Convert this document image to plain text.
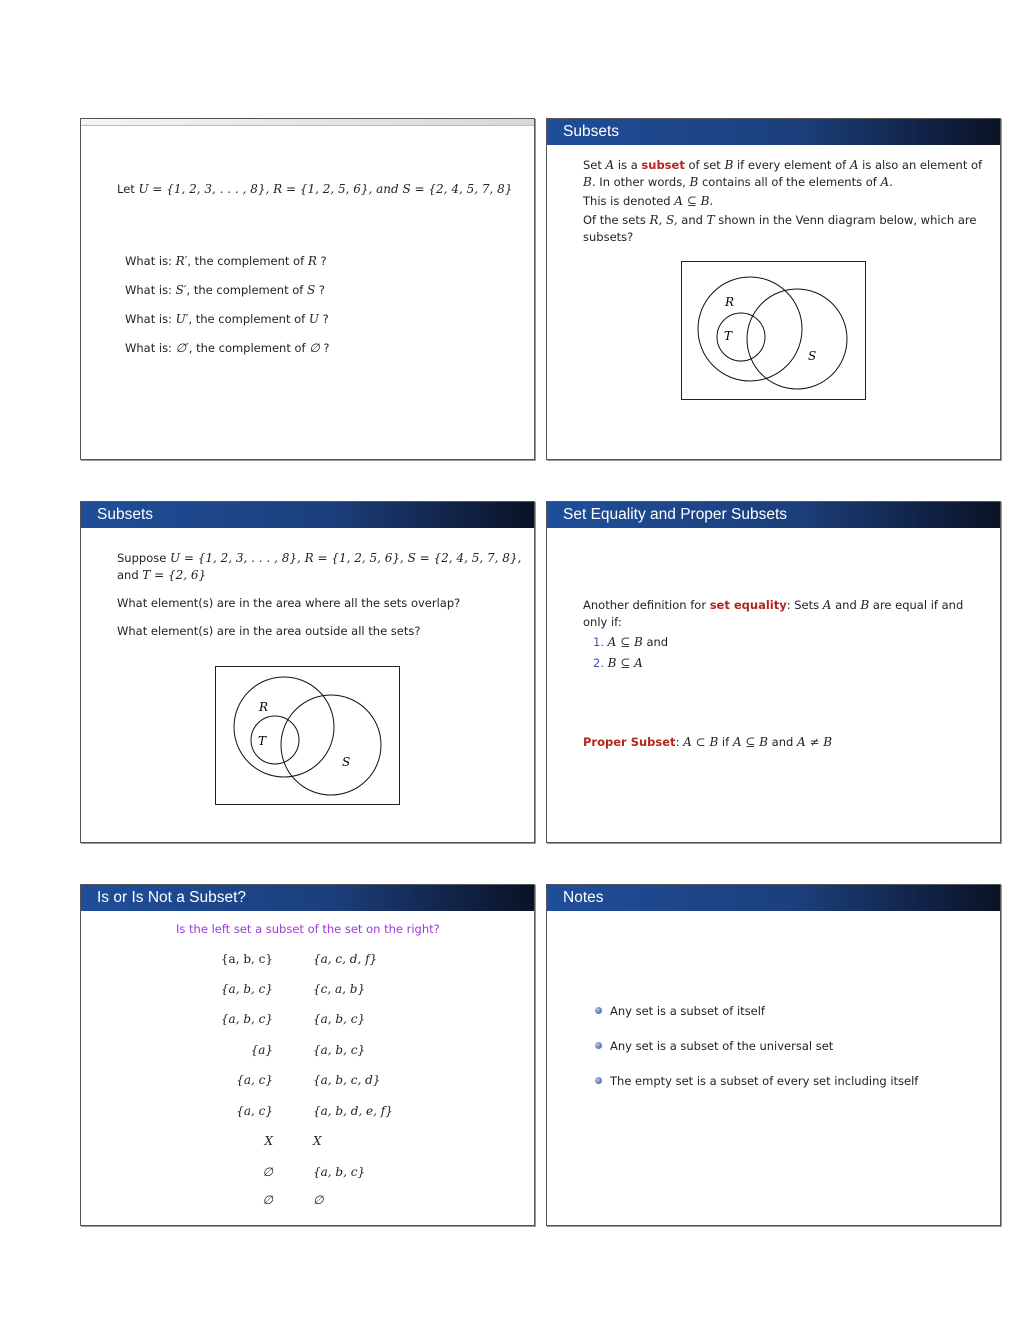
Let U = {1, 2, 3, . . . , 8}, R = {1, 2, 5, 6}, and S = {2, 4, 5, 7, 8}
What is: R′, the complement of R ?
What is: S′, the complement of S ?
What is: U′, the complement of U ?
What is: ∅′, the complement of ∅ ?
Subsets
Set A is a subset of set B if every element of A is also an element of B. In other words, B contains all of the elements of A.
This is denoted A ⊆ B.
Of the sets R, S, and T shown in the Venn diagram below, which are subsets?
R
T
S
Subsets
Suppose U = {1, 2, 3, . . . , 8}, R = {1, 2, 5, 6}, S = {2, 4, 5, 7, 8},
and T = {2, 6}
What element(s) are in the area where all the sets overlap?
What element(s) are in the area outside all the sets?
R
T
S
Set Equality and Proper Subsets
Another definition for set equality: Sets A and B are equal if and only if:
1. A ⊆ B and
2. B ⊆ A
Proper Subset: A ⊂ B if A ⊆ B and A ≠ B
Is or Is Not a Subset?
Is the left set a subset of the set on the right?
{a, b, c}	{a, c, d, f}
{a, b, c}	{c, a, b}
{a, b, c}	{a, b, c}
{a}	{a, b, c}
{a, c}	{a, b, c, d}
{a, c}	{a, b, d, e, f}
X	X
∅	{a, b, c}
∅	∅
Notes
Any set is a subset of itself
Any set is a subset of the universal set
The empty set is a subset of every set including itself
